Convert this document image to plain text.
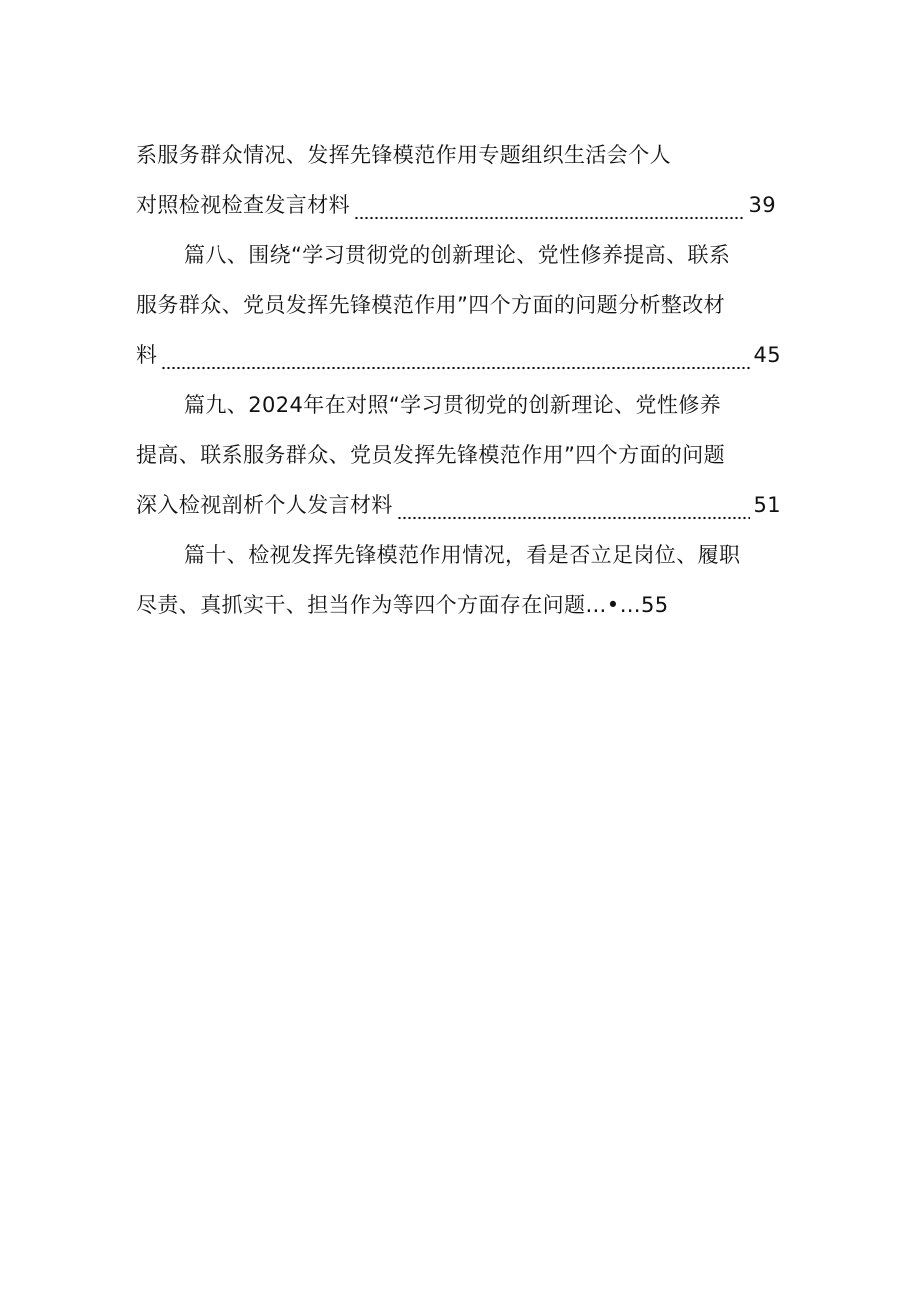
系服务群众情况、发挥先锋模范作用专题组织生活会个人
对照检视检查发言材料	39
篇八、围绕“学习贯彻党的创新理论、党性修养提高、联系
服务群众、党员发挥先锋模范作用”四个方面的问题分析整改材
料	45
篇九、2024年在对照“学习贯彻党的创新理论、党性修养
提高、联系服务群众、党员发挥先锋模范作用”四个方面的问题
深入检视剖析个人发言材料	51
篇十、检视发挥先锋模范作用情况，看是否立足岗位、履职
尽责、真抓实干、担当作为等四个方面存在问题…•…55
